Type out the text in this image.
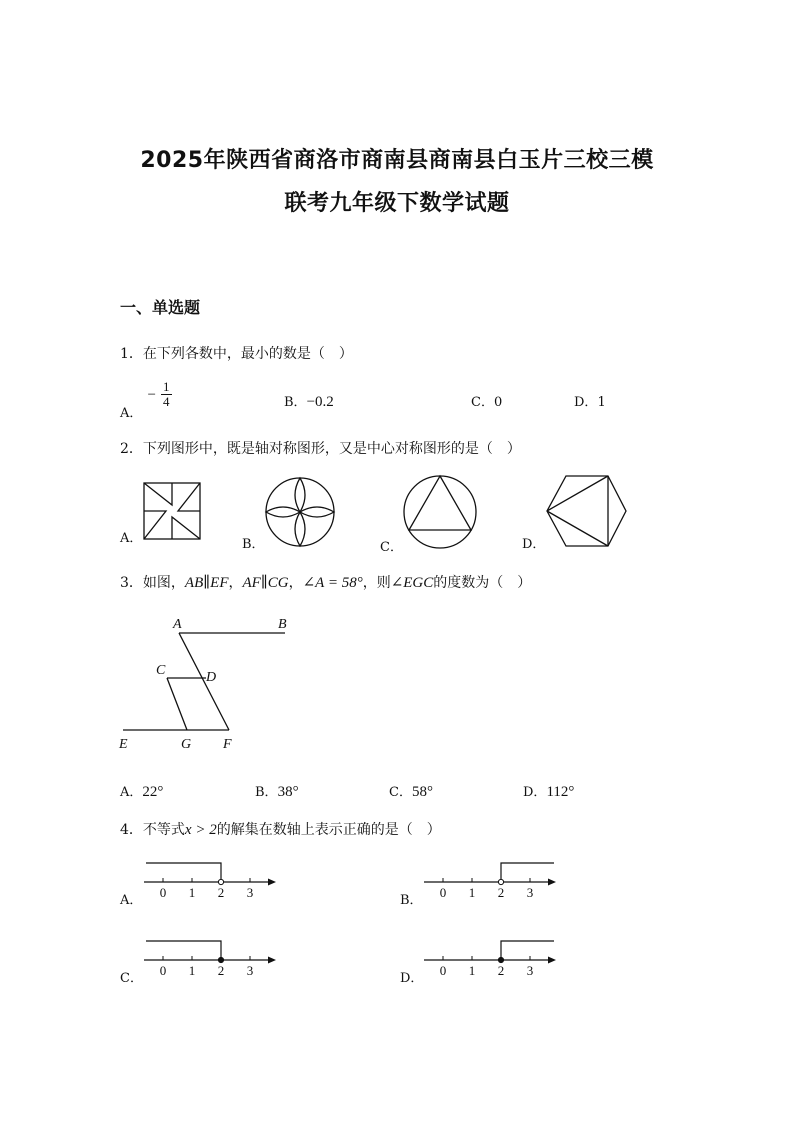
2025年陕西省商洛市商南县商南县白玉片三校三模
联考九年级下数学试题
一、单选题
1．在下列各数中，最小的数是（　）
$_{A.} - \frac{1}{4}$	B．−0.2	C．0	D．1
2．下列图形中，既是轴对称图形，又是中心对称图形的是（　）
A．	B．	C．	D．
3．如图，AB∥EF，AF∥CG，∠A = 58°，则∠EGC的度数为（　）
A	B
C	D
E	G F
A．22°	B．38°	C．58°	D．112°
4．不等式x > 2的解集在数轴上表示正确的是（　）
A．
0 1 2 3
B．
0 1 2 3
C．
0 1 2 3
D．
0 1 2 3
